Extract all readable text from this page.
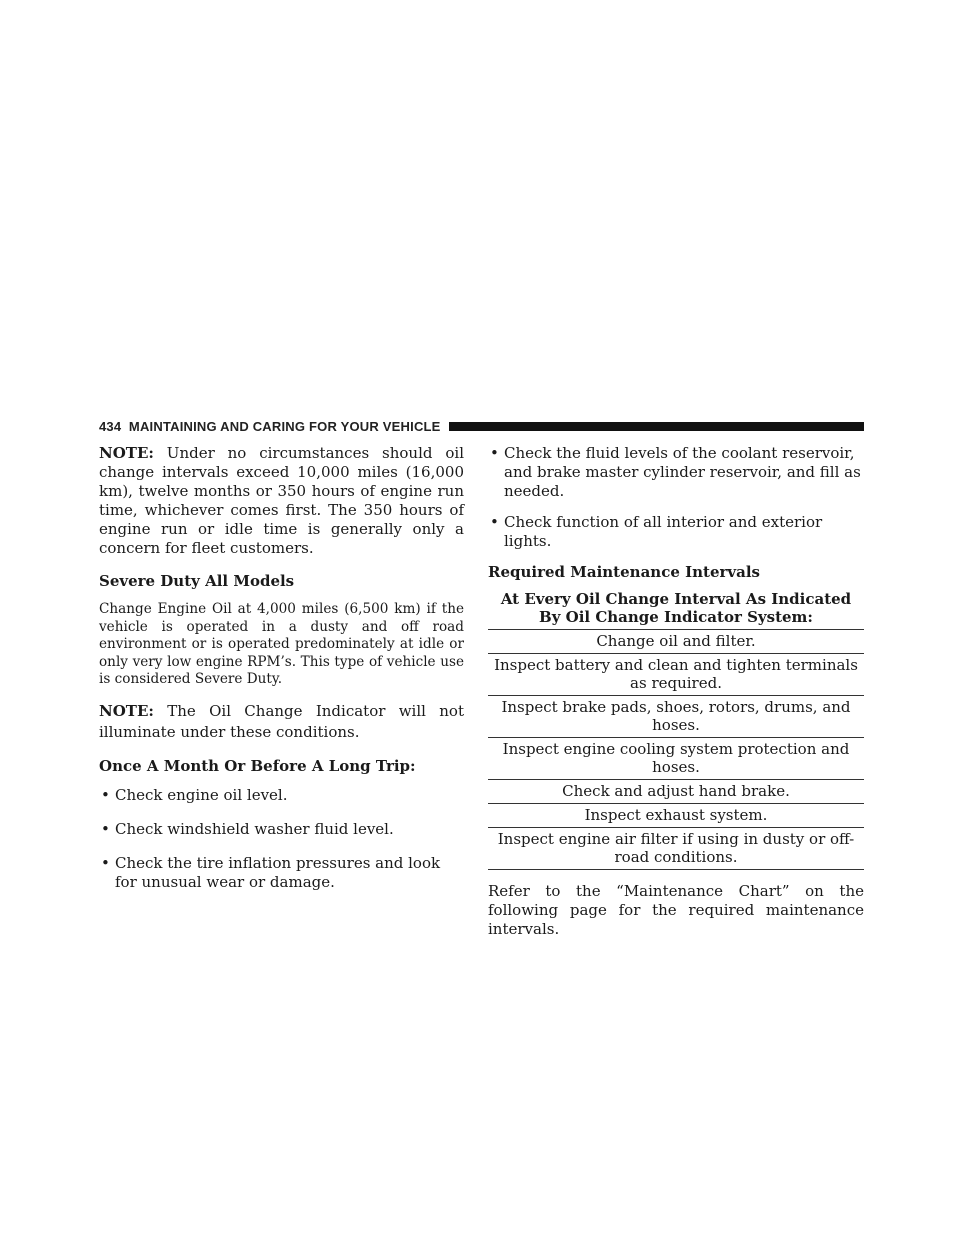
434 MAINTAINING AND CARING FOR YOUR VEHICLE

NOTE: Under no circumstances should oil change intervals exceed 10,000 miles (16,000 km), twelve months or 350 hours of engine run time, whichever comes first. The 350 hours of engine run or idle time is generally only a concern for fleet customers.

Severe Duty All Models

Change Engine Oil at 4,000 miles (6,500 km) if the vehicle is operated in a dusty and off road environment or is operated predominately at idle or only very low engine RPM’s. This type of vehicle use is considered Severe Duty.

NOTE: The Oil Change Indicator will not illuminate under these conditions.

Once A Month Or Before A Long Trip:

• Check engine oil level.
• Check windshield washer fluid level.
• Check the tire inflation pressures and look for unusual wear or damage.
• Check the fluid levels of the coolant reservoir, and brake master cylinder reservoir, and fill as needed.
• Check function of all interior and exterior lights.

Required Maintenance Intervals

At Every Oil Change Interval As Indicated By Oil Change Indicator System:
Change oil and filter.
Inspect battery and clean and tighten terminals as required.
Inspect brake pads, shoes, rotors, drums, and hoses.
Inspect engine cooling system protection and hoses.
Check and adjust hand brake.
Inspect exhaust system.
Inspect engine air filter if using in dusty or off-road conditions.

Refer to the “Maintenance Chart” on the following page for the required maintenance intervals.
